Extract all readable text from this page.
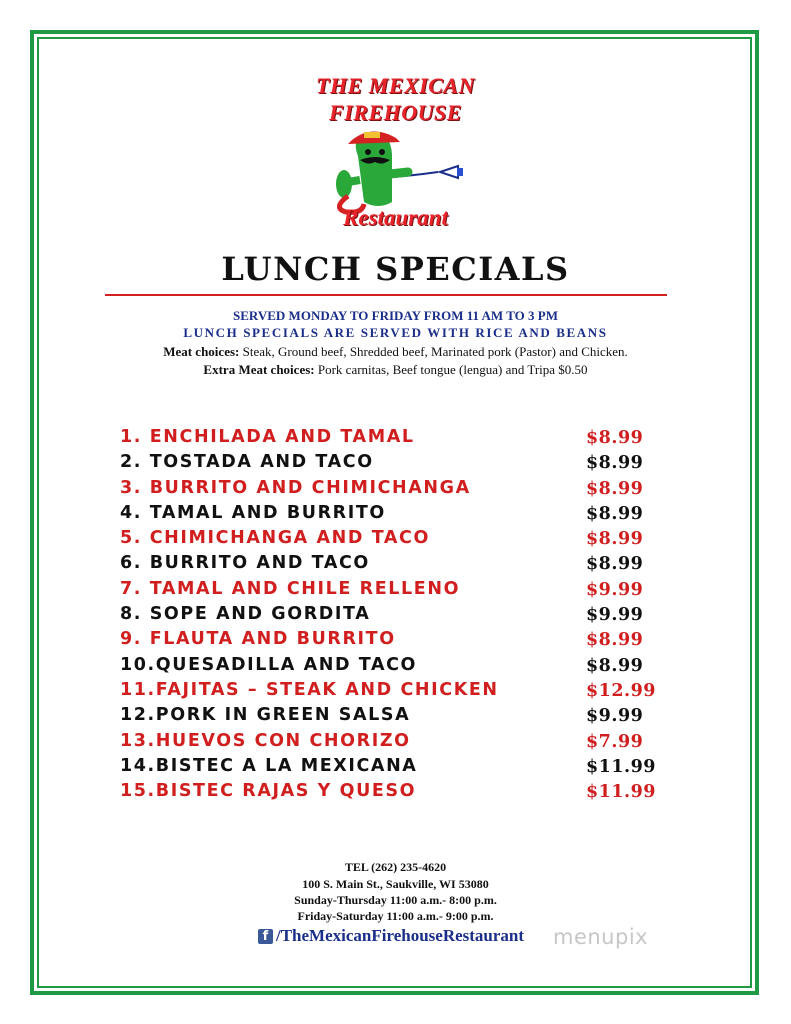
THE MEXICAN
FIREHOUSE
Restaurant
LUNCH SPECIALS
SERVED MONDAY TO FRIDAY FROM 11 AM TO 3 PM
LUNCH SPECIALS ARE SERVED WITH RICE AND BEANS
Meat choices: Steak, Ground beef, Shredded beef, Marinated pork (Pastor) and Chicken.
Extra Meat choices: Pork carnitas, Beef tongue (lengua) and Tripa $0.50
1. ENCHILADA AND TAMAL	$8.99
2. TOSTADA AND TACO	$8.99
3. BURRITO AND CHIMICHANGA	$8.99
4. TAMAL AND BURRITO	$8.99
5. CHIMICHANGA AND TACO	$8.99
6. BURRITO AND TACO	$8.99
7. TAMAL AND CHILE RELLENO	$9.99
8. SOPE AND GORDITA	$9.99
9. FLAUTA AND BURRITO	$8.99
10.QUESADILLA AND TACO	$8.99
11.FAJITAS – STEAK AND CHICKEN	$12.99
12.PORK IN GREEN SALSA	$9.99
13.HUEVOS CON CHORIZO	$7.99
14.BISTEC A LA MEXICANA	$11.99
15.BISTEC RAJAS Y QUESO	$11.99
TEL (262) 235-4620
100 S. Main St., Saukville, WI 53080
Sunday-Thursday 11:00 a.m.- 8:00 p.m.
Friday-Saturday 11:00 a.m.- 9:00 p.m.
f /TheMexicanFirehouseRestaurant menupix
